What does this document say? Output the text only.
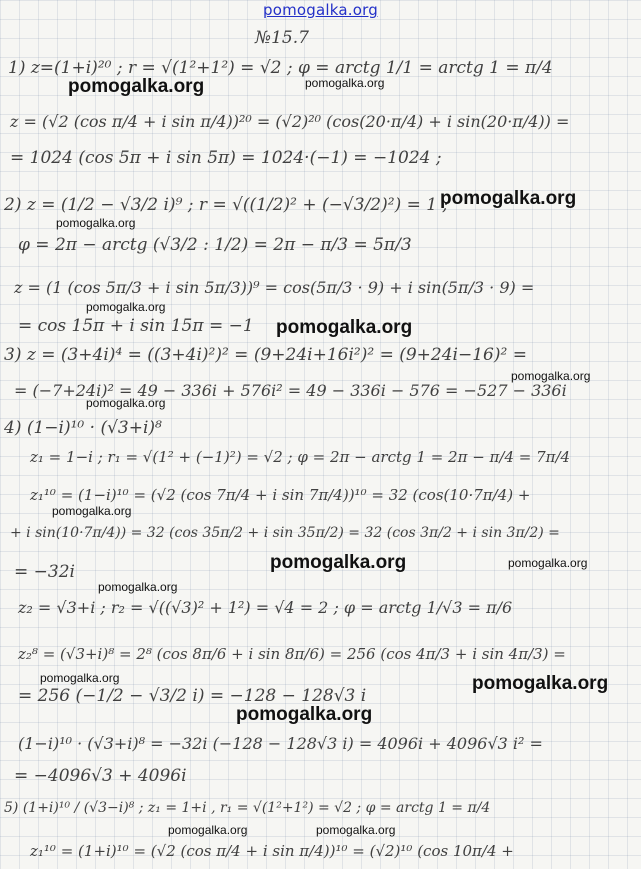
pomogalka.org
№15.7
1) z=(1+i)²⁰ ; r = √(1²+1²) = √2 ; φ = arctg 1/1 = arctg 1 = π/4
z = (√2 (cos π/4 + i sin π/4))²⁰ = (√2)²⁰ (cos(20·π/4) + i sin(20·π/4)) =
= 1024 (cos 5π + i sin 5π) = 1024·(−1) = −1024 ;
2) z = (1/2 − √3/2 i)⁹ ; r = √((1/2)² + (−√3/2)²) = 1 ;
φ = 2π − arctg (√3/2 : 1/2) = 2π − π/3 = 5π/3
z = (1 (cos 5π/3 + i sin 5π/3))⁹ = cos(5π/3 · 9) + i sin(5π/3 · 9) =
= cos 15π + i sin 15π = −1
3) z = (3+4i)⁴ = ((3+4i)²)² = (9+24i+16i²)² = (9+24i−16)² =
= (−7+24i)² = 49 − 336i + 576i² = 49 − 336i − 576 = −527 − 336i
4) (1−i)¹⁰ · (√3+i)⁸
z₁ = 1−i ; r₁ = √(1² + (−1)²) = √2 ; φ = 2π − arctg 1 = 2π − π/4 = 7π/4
z₁¹⁰ = (1−i)¹⁰ = (√2 (cos 7π/4 + i sin 7π/4))¹⁰ = 32 (cos(10·7π/4) +
+ i sin(10·7π/4)) = 32 (cos 35π/2 + i sin 35π/2) = 32 (cos 3π/2 + i sin 3π/2) =
= −32i
z₂ = √3+i ; r₂ = √((√3)² + 1²) = √4 = 2 ; φ = arctg 1/√3 = π/6
z₂⁸ = (√3+i)⁸ = 2⁸ (cos 8π/6 + i sin 8π/6) = 256 (cos 4π/3 + i sin 4π/3) =
= 256 (−1/2 − √3/2 i) = −128 − 128√3 i
(1−i)¹⁰ · (√3+i)⁸ = −32i (−128 − 128√3 i) = 4096i + 4096√3 i² =
= −4096√3 + 4096i
5) (1+i)¹⁰ / (√3−i)⁸ ; z₁ = 1+i , r₁ = √(1²+1²) = √2 ; φ = arctg 1 = π/4
z₁¹⁰ = (1+i)¹⁰ = (√2 (cos π/4 + i sin π/4))¹⁰ = (√2)¹⁰ (cos 10π/4 +
pomogalka.org	pomogalka.org
pomogalka.org
pomogalka.org
pomogalka.org
pomogalka.org
pomogalka.org
pomogalka.org
pomogalka.org
pomogalka.org	pomogalka.org
pomogalka.org
pomogalka.org	pomogalka.org
pomogalka.org
pomogalka.org	pomogalka.org
